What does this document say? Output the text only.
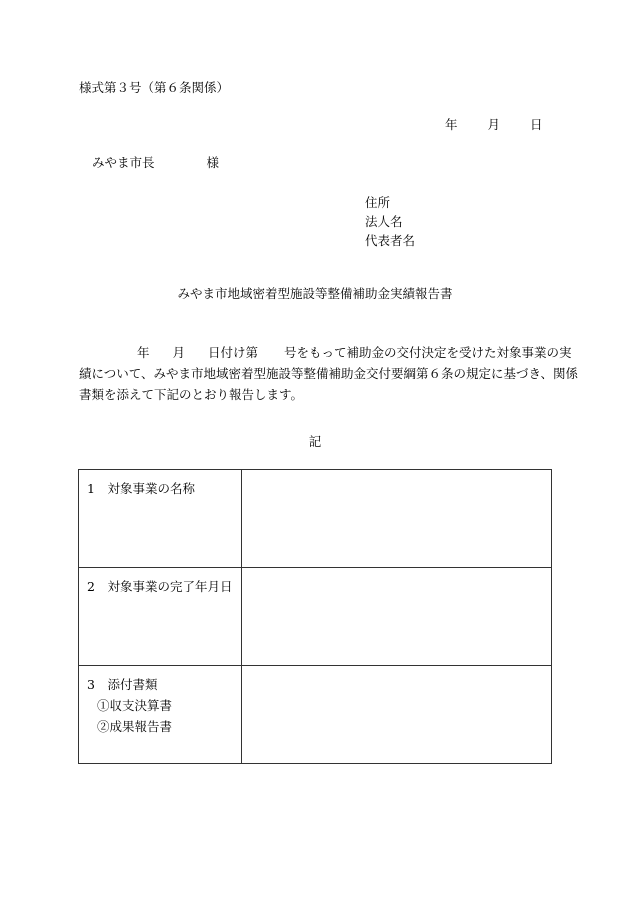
様式第３号（第６条関係）
年 月 日
みやま市長	様
住所
法人名
代表者名
みやま市地域密着型施設等整備補助金実績報告書
年 月 日付け第 号をもって補助金の交付決定を受けた対象事業の実
績について、みやま市地域密着型施設等整備補助金交付要綱第６条の規定に基づき、関係
書類を添えて下記のとおり報告します。
記
1　対象事業の名称	
2　対象事業の完了年月日	

3　添付書類
①収支決算書
②成果報告書	
